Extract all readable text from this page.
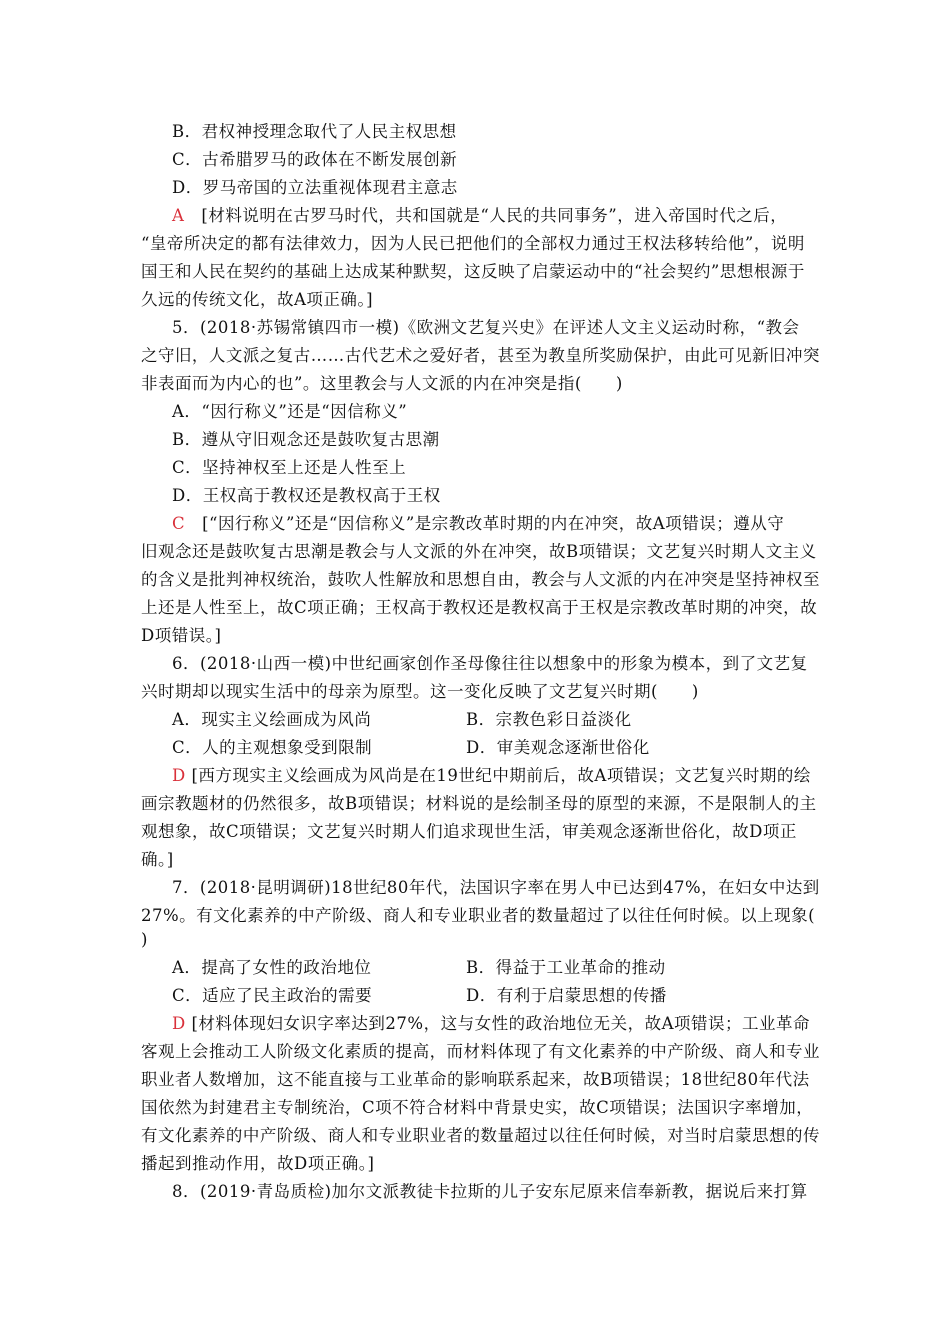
B．君权神授理念取代了人民主权思想
C．古希腊罗马的政体在不断发展创新
D．罗马帝国的立法重视体现君主意志
A　 [材料说明在古罗马时代，共和国就是“人民的共同事务”，进入帝国时代之后，
“皇帝所决定的都有法律效力，因为人民已把他们的全部权力通过王权法移转给他”，说明
国王和人民在契约的基础上达成某种默契，这反映了启蒙运动中的“社会契约”思想根源于
久远的传统文化，故A项正确。]
5．(2018·苏锡常镇四市一模)《欧洲文艺复兴史》在评述人文主义运动时称，“教会
之守旧，人文派之复古……古代艺术之爱好者，甚至为教皇所奖励保护，由此可见新旧冲突
非表面而为内心的也”。这里教会与人文派的内在冲突是指(　　)
A．“因行称义”还是“因信称义”
B．遵从守旧观念还是鼓吹复古思潮
C．坚持神权至上还是人性至上
D．王权高于教权还是教权高于王权
C　 [“因行称义”还是“因信称义”是宗教改革时期的内在冲突，故A项错误；遵从守
旧观念还是鼓吹复古思潮是教会与人文派的外在冲突，故B项错误；文艺复兴时期人文主义
的含义是批判神权统治，鼓吹人性解放和思想自由，教会与人文派的内在冲突是坚持神权至
上还是人性至上，故C项正确；王权高于教权还是教权高于王权是宗教改革时期的冲突，故
D项错误。]
6．(2018·山西一模)中世纪画家创作圣母像往往以想象中的形象为模本，到了文艺复
兴时期却以现实生活中的母亲为原型。这一变化反映了文艺复兴时期(　　)
A．现实主义绘画成为风尚	B．宗教色彩日益淡化
C．人的主观想象受到限制	D．审美观念逐渐世俗化
D [西方现实主义绘画成为风尚是在19世纪中期前后，故A项错误；文艺复兴时期的绘
画宗教题材的仍然很多，故B项错误；材料说的是绘制圣母的原型的来源，不是限制人的主
观想象，故C项错误；文艺复兴时期人们追求现世生活，审美观念逐渐世俗化，故D项正
确。]
7．(2018·昆明调研)18世纪80年代，法国识字率在男人中已达到47%，在妇女中达到
27%。有文化素养的中产阶级、商人和专业职业者的数量超过了以往任何时候。以上现象(
)
A．提高了女性的政治地位	B．得益于工业革命的推动
C．适应了民主政治的需要	D．有利于启蒙思想的传播
D [材料体现妇女识字率达到27%，这与女性的政治地位无关，故A项错误；工业革命
客观上会推动工人阶级文化素质的提高，而材料体现了有文化素养的中产阶级、商人和专业
职业者人数增加，这不能直接与工业革命的影响联系起来，故B项错误；18世纪80年代法
国依然为封建君主专制统治，C项不符合材料中背景史实，故C项错误；法国识字率增加，
有文化素养的中产阶级、商人和专业职业者的数量超过以往任何时候，对当时启蒙思想的传
播起到推动作用，故D项正确。]
8．(2019·青岛质检)加尔文派教徒卡拉斯的儿子安东尼原来信奉新教，据说后来打算
